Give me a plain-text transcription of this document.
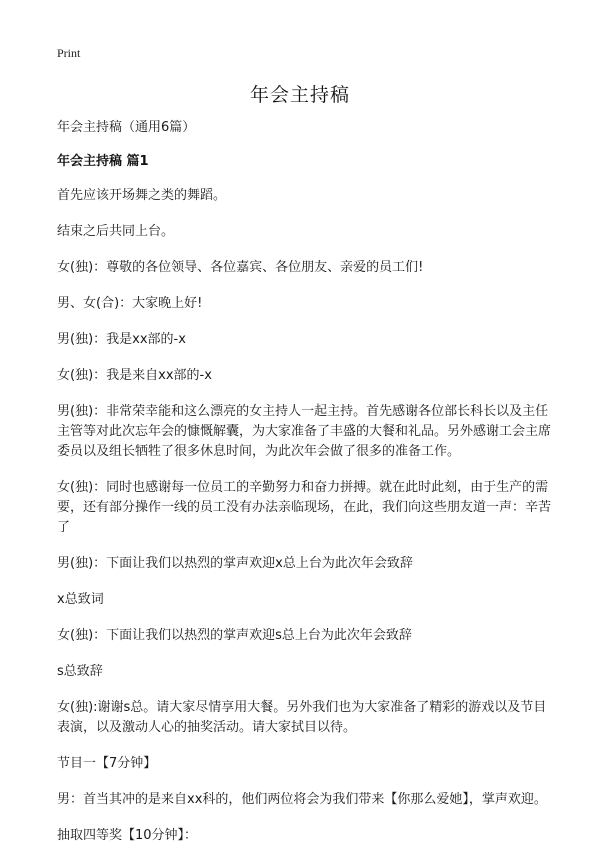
Print
年会主持稿
年会主持稿（通用6篇）
年会主持稿 篇1
首先应该开场舞之类的舞蹈。
结束之后共同上台。
女(独)：尊敬的各位领导、各位嘉宾、各位朋友、亲爱的员工们!
男、女(合)：大家晚上好!
男(独)：我是xx部的-x
女(独)：我是来自xx部的-x
男(独)：非常荣幸能和这么漂亮的女主持人一起主持。首先感谢各位部长科长以及主任主管等对此次忘年会的慷慨解囊，为大家准备了丰盛的大餐和礼品。另外感谢工会主席委员以及组长牺牲了很多休息时间，为此次年会做了很多的准备工作。
女(独)：同时也感谢每一位员工的辛勤努力和奋力拼搏。就在此时此刻，由于生产的需要，还有部分操作一线的员工没有办法亲临现场，在此，我们向这些朋友道一声：辛苦了
男(独)：下面让我们以热烈的掌声欢迎x总上台为此次年会致辞
x总致词
女(独)：下面让我们以热烈的掌声欢迎s总上台为此次年会致辞
s总致辞
女(独):谢谢s总。请大家尽情享用大餐。另外我们也为大家准备了精彩的游戏以及节目表演，以及激动人心的抽奖活动。请大家拭目以待。
节目一【7分钟】
男：首当其冲的是来自xx科的，他们两位将会为我们带来【你那么爱她】，掌声欢迎。
抽取四等奖【10分钟】：
